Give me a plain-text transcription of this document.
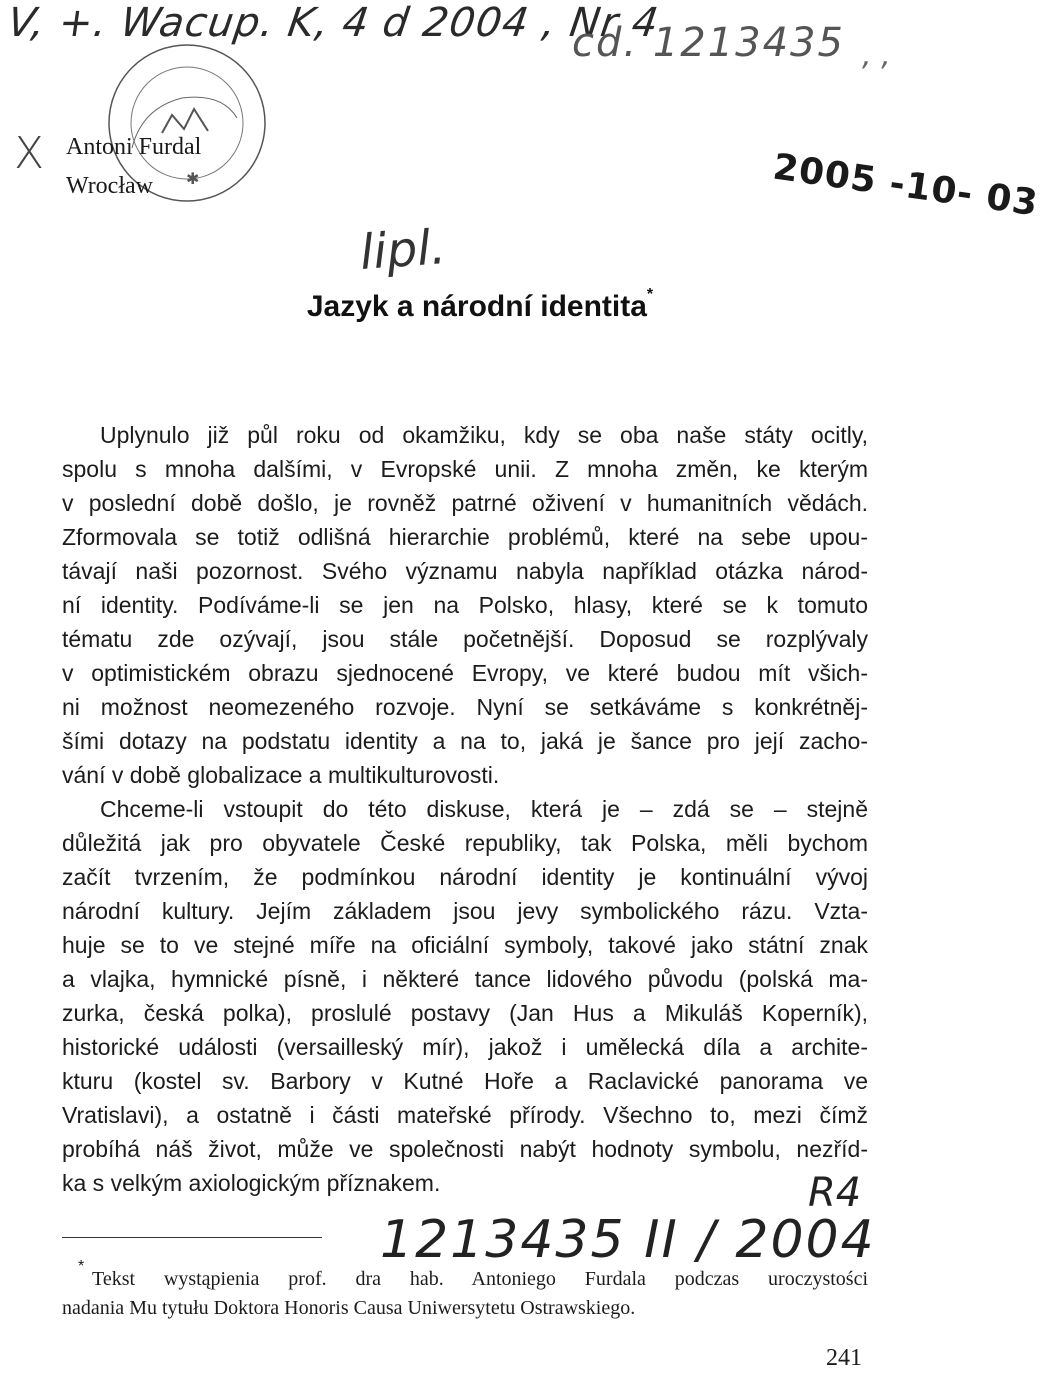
V, +. Wacup. K, 4 d 2004 , Nr 4
cd. 1213435 , ,
X	✱
Antoni Furdal
Wrocław	2005 -10- 03
lipl.
Jazyk a národní identita*
Uplynulo již půl roku od okamžiku, kdy se oba naše státy ocitly,
spolu s mnoha dalšími, v Evropské unii. Z mnoha změn, ke kterým
v poslední době došlo, je rovněž patrné oživení v humanitních vědách.
Zformovala se totiž odlišná hierarchie problémů, které na sebe upou-
távají naši pozornost. Svého významu nabyla například otázka národ-
ní identity. Podíváme-li se jen na Polsko, hlasy, které se k tomuto
tématu zde ozývají, jsou stále početnější. Doposud se rozplývaly
v optimistickém obrazu sjednocené Evropy, ve které budou mít všich-
ni možnost neomezeného rozvoje. Nyní se setkáváme s konkrétněj-
šími dotazy na podstatu identity a na to, jaká je šance pro její zacho-
vání v době globalizace a multikulturovosti.
Chceme-li vstoupit do této diskuse, která je – zdá se – stejně
důležitá jak pro obyvatele České republiky, tak Polska, měli bychom
začít tvrzením, že podmínkou národní identity je kontinuální vývoj
národní kultury. Jejím základem jsou jevy symbolického rázu. Vzta-
huje se to ve stejné míře na oficiální symboly, takové jako státní znak
a vlajka, hymnické písně, i některé tance lidového původu (polská ma-
zurka, česká polka), proslulé postavy (Jan Hus a Mikuláš Koperník),
historické události (versailleský mír), jakož i umělecká díla a archite-
kturu (kostel sv. Barbory v Kutné Hoře a Raclavické panorama ve
Vratislavi), a ostatně i části mateřské přírody. Všechno to, mezi čímž
probíhá náš život, může ve společnosti nabýt hodnoty symbolu, nezříd-
ka s velkým axiologickým příznakem.	R4
1213435 II / 2004
*
Tekst wystąpienia prof. dra hab. Antoniego Furdala podczas uroczystości
nadania Mu tytułu Doktora Honoris Causa Uniwersytetu Ostrawskiego.
241
